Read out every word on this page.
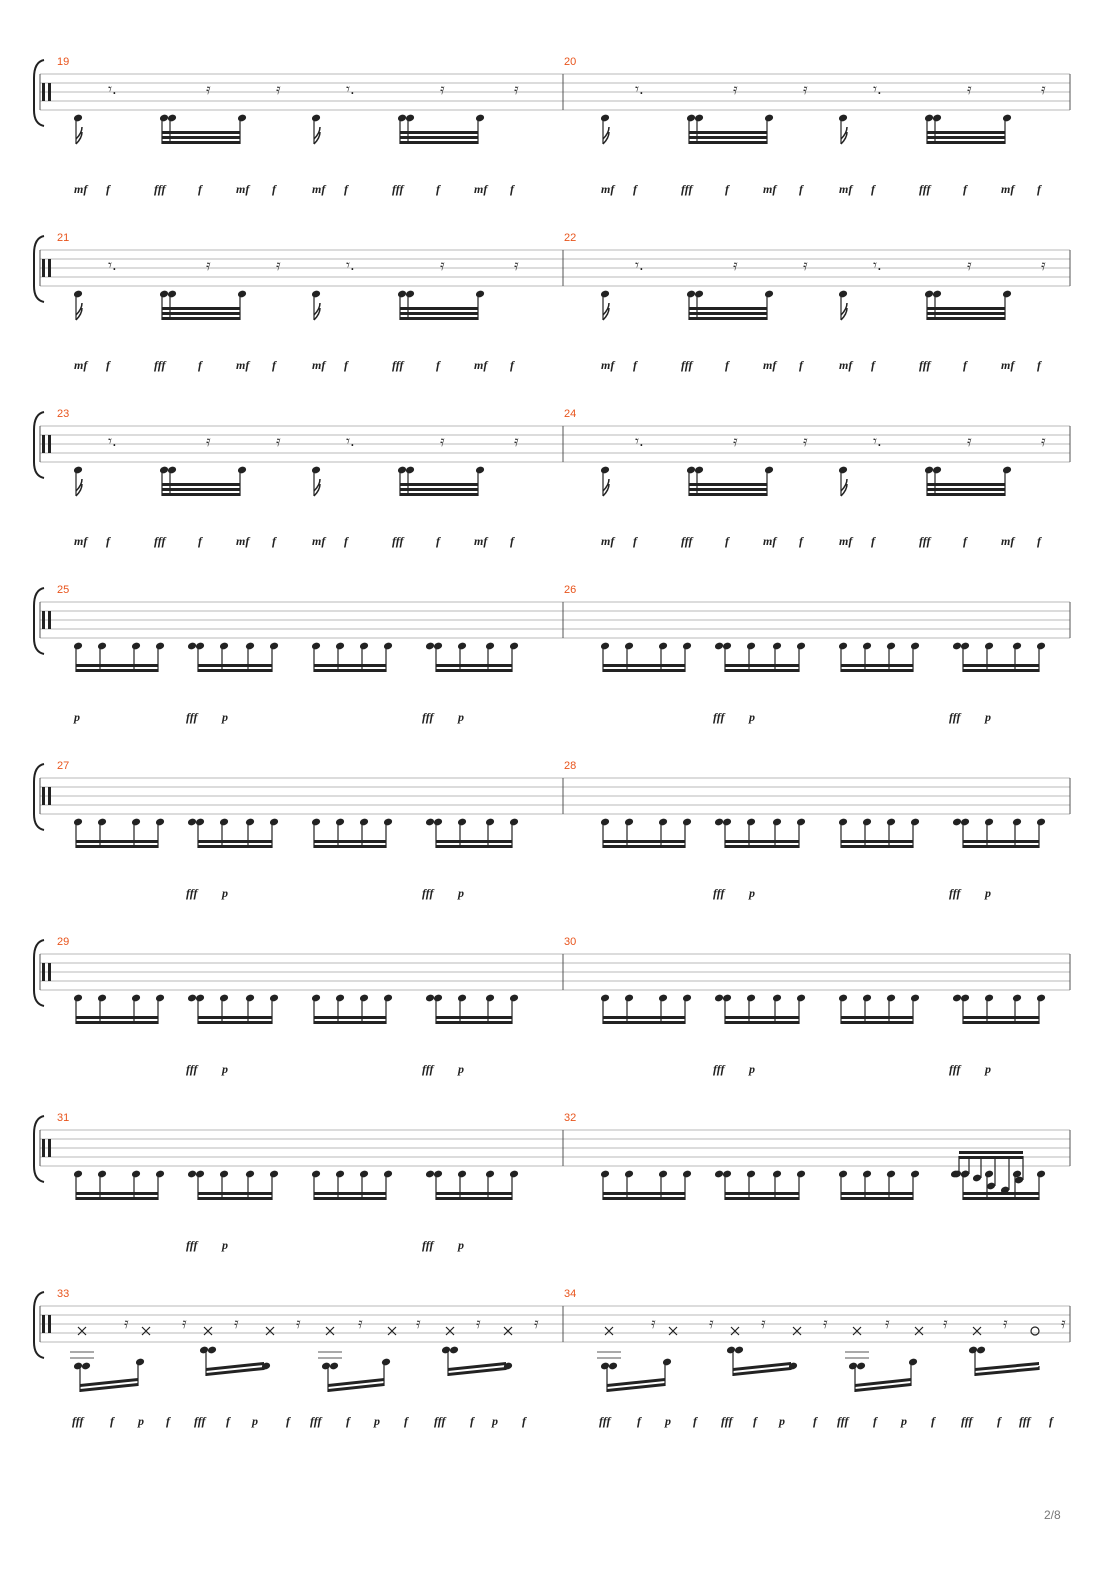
19	20
𝄾.	𝄿	𝄿	𝄾.	𝄿	𝄿
mf f	fff	f	mf f	mf f	fff	f	mf f
𝄾.	𝄿	𝄿	𝄾.	𝄿	𝄿
mf f	fff	f	mf f	mf f	fff	f	mf f
21	22
𝄾.	𝄿	𝄿	𝄾.	𝄿	𝄿
mf f	fff	f	mf f	mf f	fff	f	mf f
𝄾.	𝄿	𝄿	𝄾.	𝄿	𝄿
mf f	fff	f	mf f	mf f	fff	f	mf f
23	24
𝄾.	𝄿	𝄿	𝄾.	𝄿	𝄿
mf f	fff	f	mf f	mf f	fff	f	mf f
𝄾.	𝄿	𝄿	𝄾.	𝄿	𝄿
mf f	fff	f	mf f	mf f	fff	f	mf f
25	26
p	fff p	fff p	fff p	fff p
27	28
fff p	fff p	fff p	fff p
29	30
fff p	fff p	fff p	fff p
31	32
fff p	fff p
33	34
𝄿	𝄿	𝄿	𝄿	𝄿	𝄿	𝄿	𝄿
fff f p f fff f p f fff f p f fff f p f
𝄿	𝄿	𝄿	𝄿	𝄿	𝄿	𝄿	𝄿
fff f p f fff f p f fff f p f fff f fff f
2/8
